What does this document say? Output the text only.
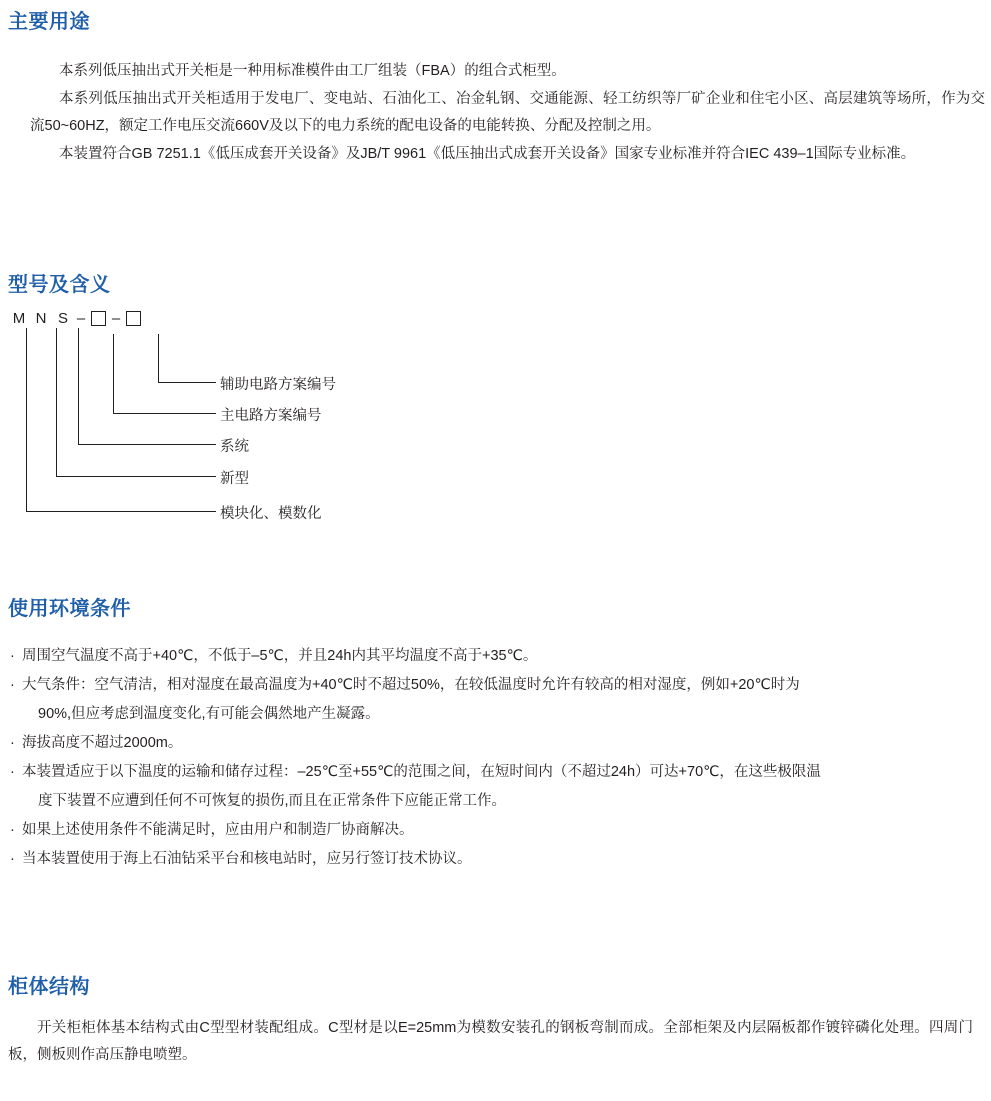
主要用途

本系列低压抽出式开关柜是一种用标准模件由工厂组装（FBA）的组合式柜型。

本系列低压抽出式开关柜适用于发电厂、变电站、石油化工、冶金轧钢、交通能源、轻工纺织等厂矿企业和住宅小区、高层建筑等场所，作为交流50~60HZ，额定工作电压交流660V及以下的电力系统的配电设备的电能转换、分配及控制之用。

本装置符合GB 7251.1《低压成套开关设备》及JB/T 9961《低压抽出式成套开关设备》国家专业标准并符合IEC 439–1国际专业标准。

型号及含义
M N S – –
辅助电路方案编号
主电路方案编号
系统
新型
模块化、模数化
使用环境条件
· 周围空气温度不高于+40℃，不低于–5℃，并且24h内其平均温度不高于+35℃。
· 大气条件：空气清洁，相对湿度在最高温度为+40℃时不超过50%，在较低温度时允许有较高的相对湿度，例如+20℃时为
90%,但应考虑到温度变化,有可能会偶然地产生凝露。
· 海拔高度不超过2000m。
· 本装置适应于以下温度的运输和储存过程：–25℃至+55℃的范围之间，在短时间内（不超过24h）可达+70℃，在这些极限温
度下装置不应遭到任何不可恢复的损伤,而且在正常条件下应能正常工作。
· 如果上述使用条件不能满足时，应由用户和制造厂协商解决。
· 当本装置使用于海上石油钻采平台和核电站时，应另行签订技术协议。
柜体结构

开关柜柜体基本结构式由C型型材装配组成。C型材是以E=25mm为模数安装孔的钢板弯制而成。全部柜架及内层隔板都作镀锌磷化处理。四周门板，侧板则作高压静电喷塑。
